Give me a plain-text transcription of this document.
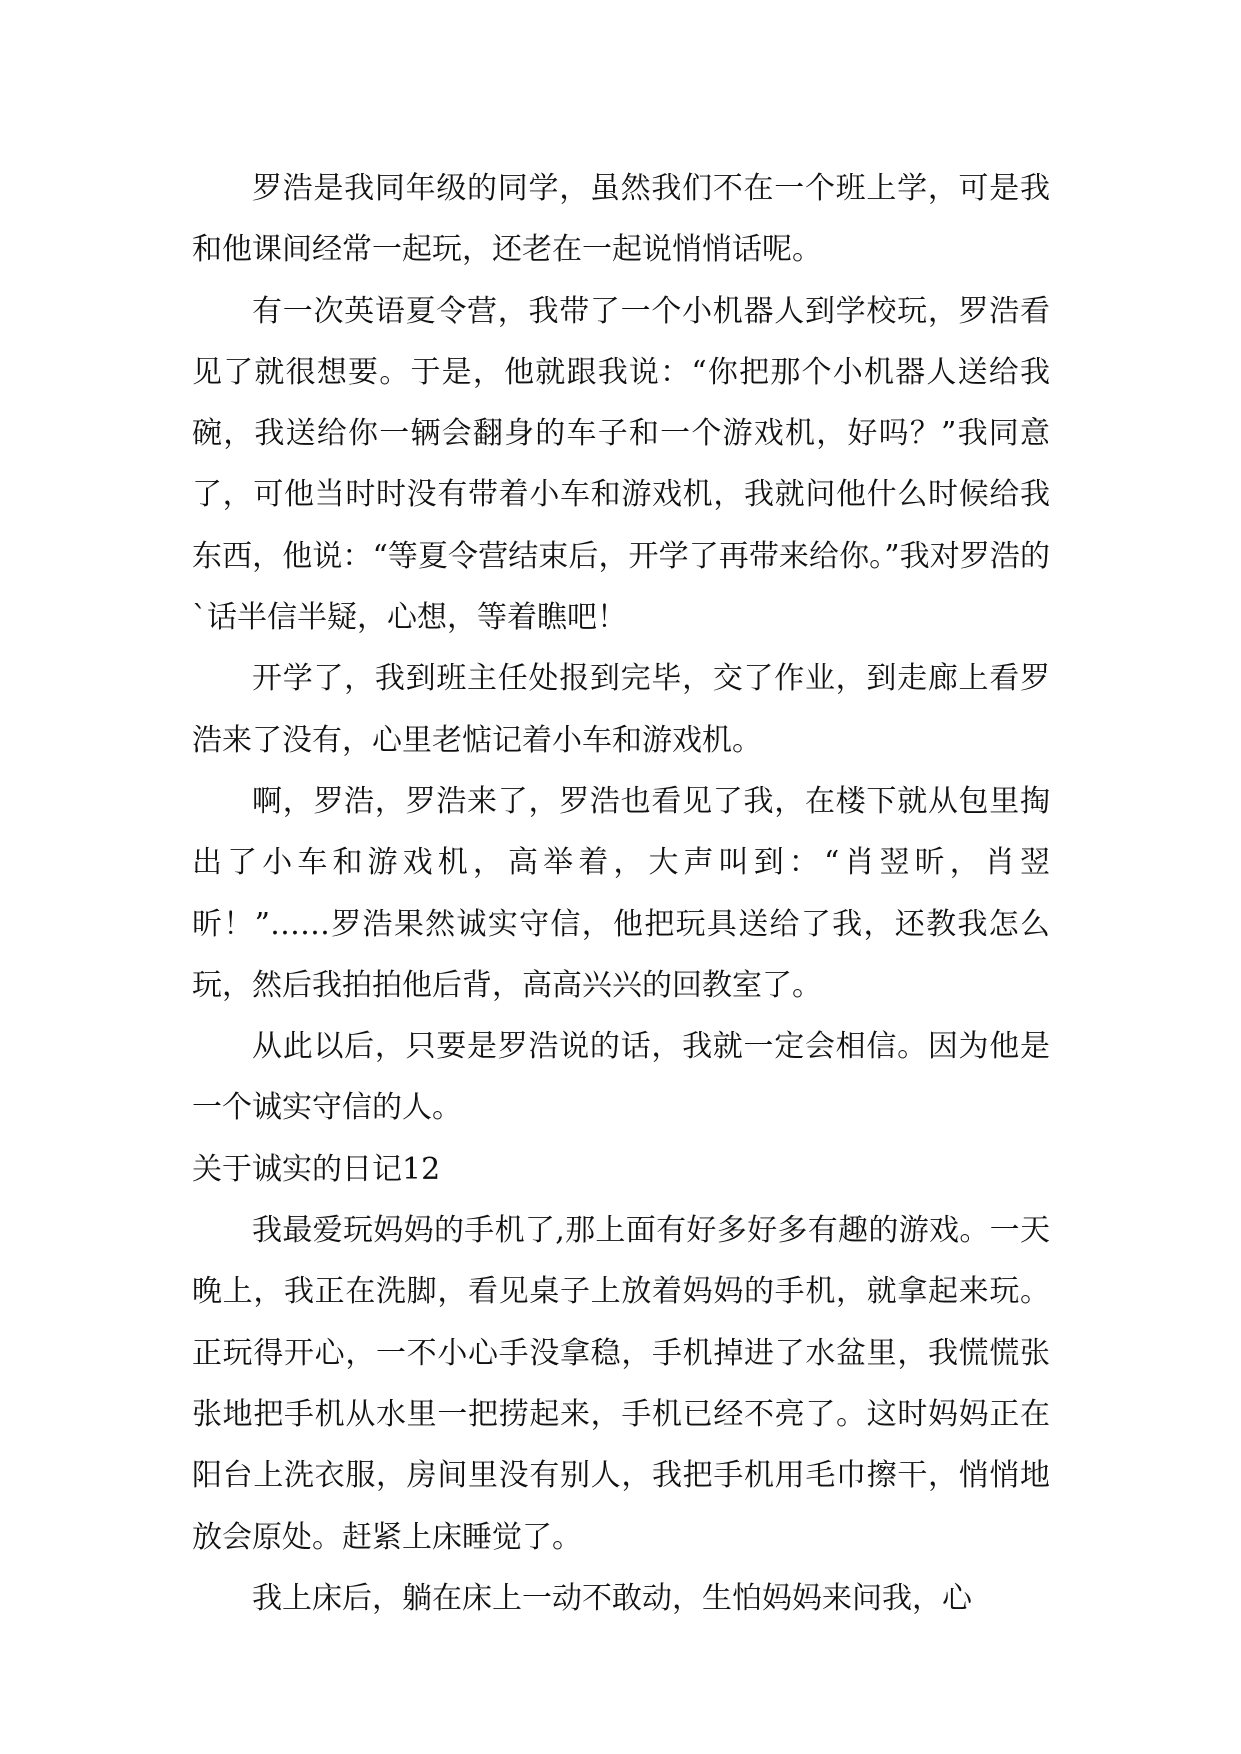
罗浩是我同年级的同学，虽然我们不在一个班上学，可是我和他课间经常一起玩，还老在一起说悄悄话呢。

有一次英语夏令营，我带了一个小机器人到学校玩，罗浩看见了就很想要。于是，他就跟我说：“你把那个小机器人送给我碗，我送给你一辆会翻身的车子和一个游戏机，好吗？”我同意了，可他当时时没有带着小车和游戏机，我就问他什么时候给我东西，他说：“等夏令营结束后，开学了再带来给你。”我对罗浩的`话半信半疑，心想，等着瞧吧！

开学了，我到班主任处报到完毕，交了作业，到走廊上看罗浩来了没有，心里老惦记着小车和游戏机。

啊，罗浩，罗浩来了，罗浩也看见了我，在楼下就从包里掏出了小车和游戏机，高举着，大声叫到：“肖翌昕，肖翌昕！”……罗浩果然诚实守信，他把玩具送给了我，还教我怎么玩，然后我拍拍他后背，高高兴兴的回教室了。

从此以后，只要是罗浩说的话，我就一定会相信。因为他是一个诚实守信的人。

关于诚实的日记12

我最爱玩妈妈的手机了,那上面有好多好多有趣的游戏。一天晚上，我正在洗脚，看见桌子上放着妈妈的手机，就拿起来玩。正玩得开心，一不小心手没拿稳，手机掉进了水盆里，我慌慌张张地把手机从水里一把捞起来，手机已经不亮了。这时妈妈正在阳台上洗衣服，房间里没有别人，我把手机用毛巾擦干，悄悄地放会原处。赶紧上床睡觉了。

我上床后，躺在床上一动不敢动，生怕妈妈来问我，心
